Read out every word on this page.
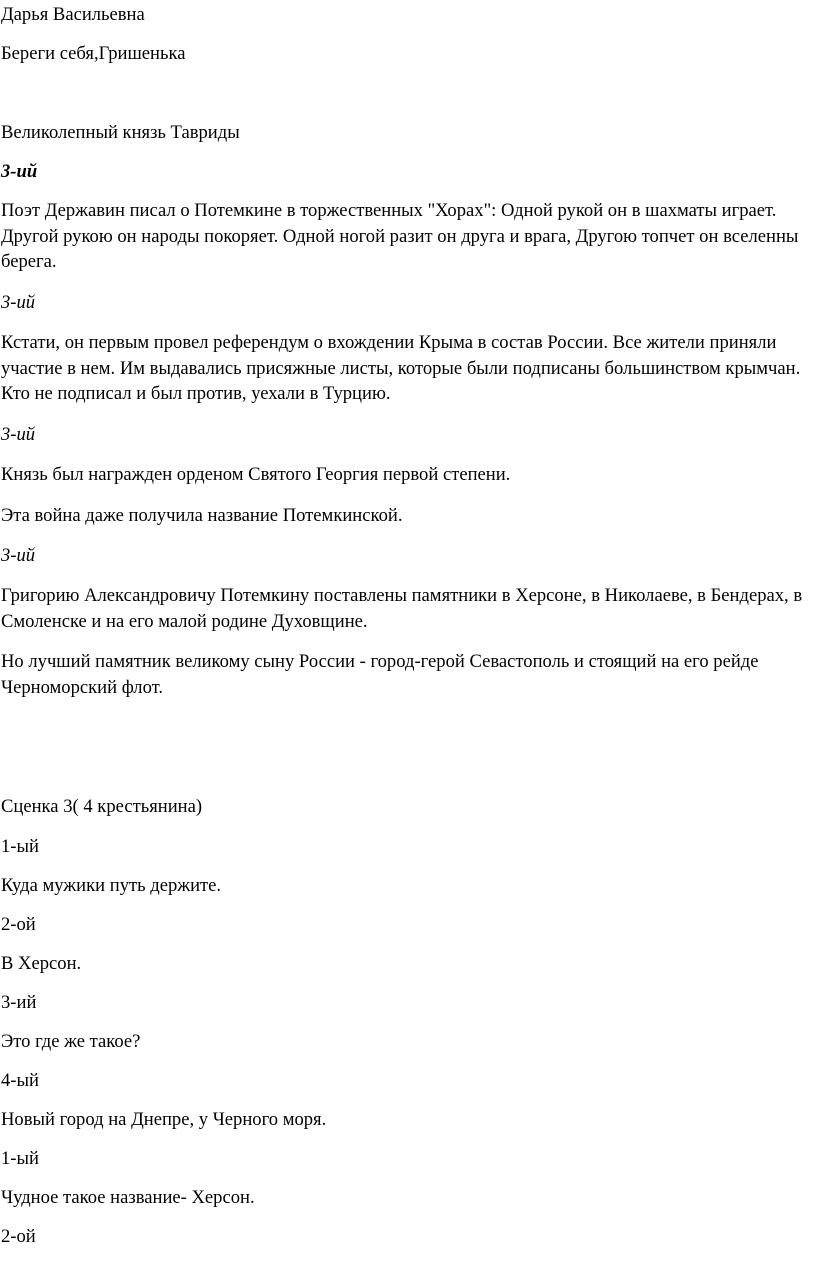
Дарья Васильевна
Береги себя,Гришенька
Великолепный князь Тавриды
3-ий
Поэт Державин писал о Потемкине в торжественных "Хорах": Одной рукой он в шахматы играет. Другой рукою он народы покоряет. Одной ногой разит он друга и врага, Другою топчет он вселенны берега.
3-ий
Кстати, он первым провел референдум о вхождении Крыма в состав России. Все жители приняли участие в нем. Им выдавались присяжные листы, которые были подписаны большинством крымчан. Кто не подписал и был против, уехали в Турцию.
3-ий
Князь был награжден орденом Святого Георгия первой степени.
Эта война даже получила название Потемкинской.
3-ий
Григорию Александровичу Потемкину поставлены памятники в Херсоне, в Николаеве, в Бендерах, в Смоленске и на его малой родине Духовщине.
Но лучший памятник великому сыну России - город-герой Севастополь и стоящий на его рейде Черноморский флот.
Сценка 3( 4 крестьянина)
1-ый
Куда мужики путь держите.
2-ой
В Херсон.
3-ий
Это где же такое?
4-ый
Новый город на Днепре, у Черного моря.
1-ый
Чудное такое название- Херсон.
2-ой
